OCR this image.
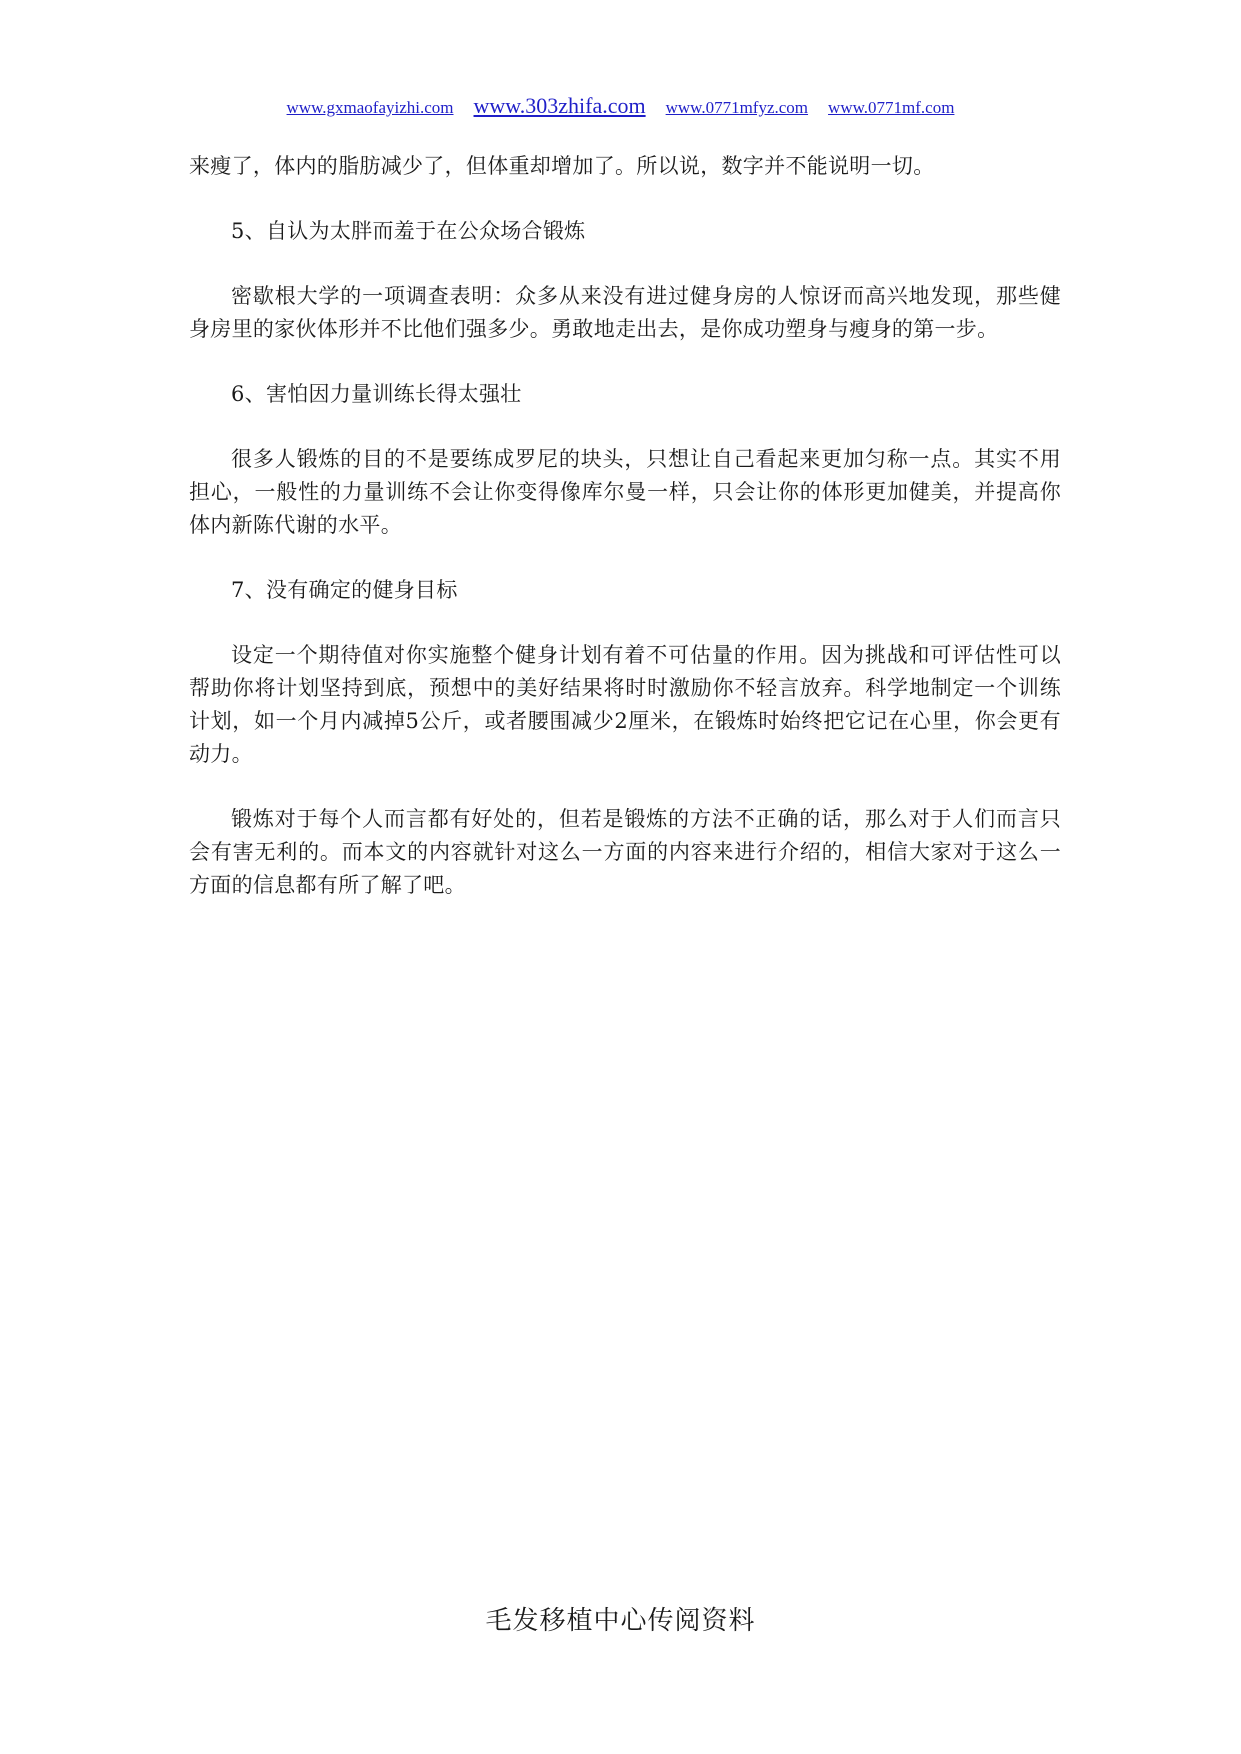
www.gxmaofayizhi.com www.303zhifa.com www.0771mfyz.com www.0771mf.com

来瘦了，体内的脂肪减少了，但体重却增加了。所以说，数字并不能说明一切。

5、自认为太胖而羞于在公众场合锻炼

密歇根大学的一项调查表明：众多从来没有进过健身房的人惊讶而高兴地发现，那些健身房里的家伙体形并不比他们强多少。勇敢地走出去，是你成功塑身与瘦身的第一步。

6、害怕因力量训练长得太强壮

很多人锻炼的目的不是要练成罗尼的块头，只想让自己看起来更加匀称一点。其实不用担心，一般性的力量训练不会让你变得像库尔曼一样，只会让你的体形更加健美，并提高你体内新陈代谢的水平。

7、没有确定的健身目标

设定一个期待值对你实施整个健身计划有着不可估量的作用。因为挑战和可评估性可以帮助你将计划坚持到底，预想中的美好结果将时时激励你不轻言放弃。科学地制定一个训练计划，如一个月内减掉5公斤，或者腰围减少2厘米，在锻炼时始终把它记在心里，你会更有动力。

锻炼对于每个人而言都有好处的，但若是锻炼的方法不正确的话，那么对于人们而言只会有害无利的。而本文的内容就针对这么一方面的内容来进行介绍的，相信大家对于这么一方面的信息都有所了解了吧。

毛发移植中心传阅资料
